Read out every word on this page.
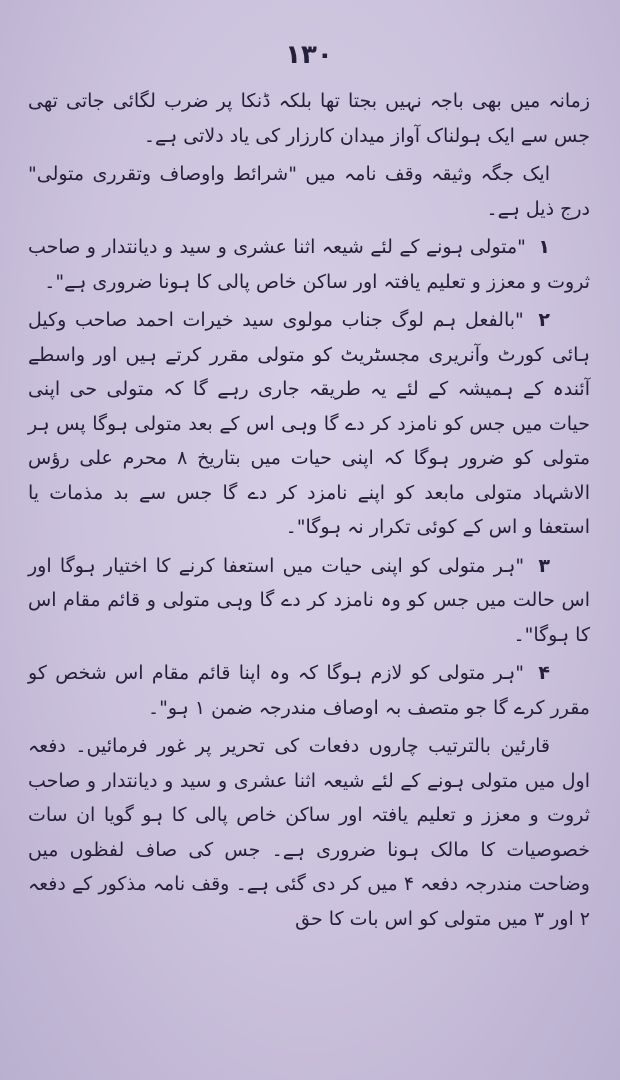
۱۳۰

زمانہ میں بھی باجہ نہیں بجتا تھا بلکہ ڈنکا پر ضرب لگائی جاتی تھی جس سے ایک ہولناک آواز میدان کارزار کی یاد دلاتی ہے۔

ایک جگہ وثیقہ وقف نامہ میں "شرائط واوصاف وتقرری متولی" درج ذیل ہے۔

۱ "متولی ہونے کے لئے شیعہ اثنا عشری و سید و دیانتدار و صاحب ثروت و معزز و تعلیم یافتہ اور ساکن خاص پالی کا ہونا ضروری ہے"۔

۲ "بالفعل ہم لوگ جناب مولوی سید خیرات احمد صاحب وکیل ہائی کورٹ وآنریری مجسٹریٹ کو متولی مقرر کرتے ہیں اور واسطے آئندہ کے ہمیشہ کے لئے یہ طریقہ جاری رہے گا کہ متولی حی اپنی حیات میں جس کو نامزد کر دے گا وہی اس کے بعد متولی ہوگا پس ہر متولی کو ضرور ہوگا کہ اپنی حیات میں بتاریخ ۸ محرم علی رؤس الاشہاد متولی مابعد کو اپنے نامزد کر دے گا جس سے بد مذمات یا استعفا و اس کے کوئی تکرار نہ ہوگا"۔

۳ "ہر متولی کو اپنی حیات میں استعفا کرنے کا اختیار ہوگا اور اس حالت میں جس کو وہ نامزد کر دے گا وہی متولی و قائم مقام اس کا ہوگا"۔

۴ "ہر متولی کو لازم ہوگا کہ وہ اپنا قائم مقام اس شخص کو مقرر کرے گا جو متصف بہ اوصاف مندرجہ ضمن ۱ ہو"۔

قارئین بالترتیب چاروں دفعات کی تحریر پر غور فرمائیں۔ دفعہ اول میں متولی ہونے کے لئے شیعہ اثنا عشری و سید و دیانتدار و صاحب ثروت و معزز و تعلیم یافتہ اور ساکن خاص پالی کا ہو گویا ان سات خصوصیات کا مالک ہونا ضروری ہے۔ جس کی صاف لفظوں میں وضاحت مندرجہ دفعہ ۴ میں کر دی گئی ہے۔ وقف نامہ مذکور کے دفعہ ۲ اور ۳ میں متولی کو اس بات کا حق
